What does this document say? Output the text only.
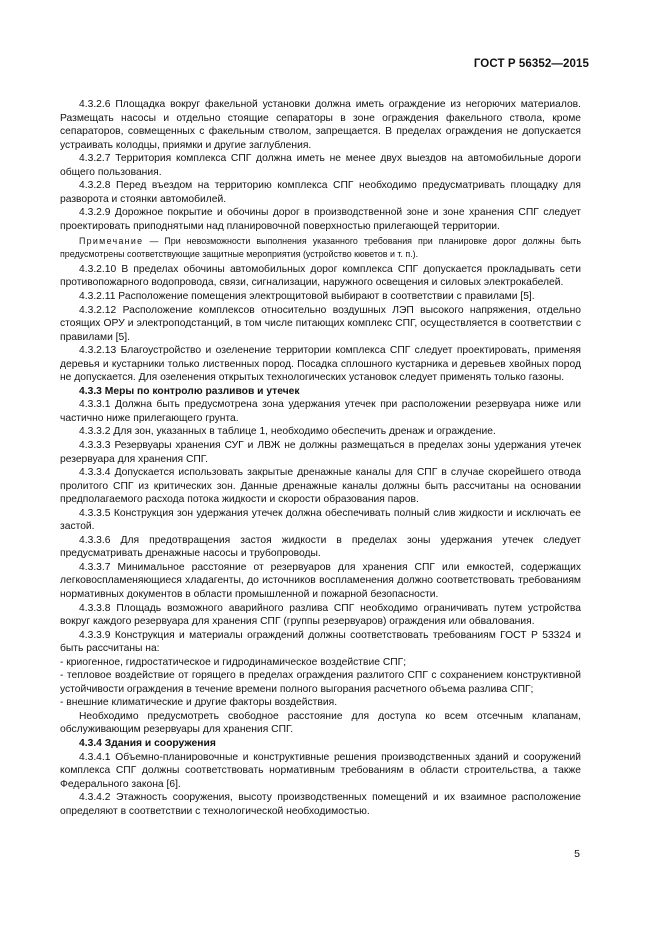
ГОСТ Р 56352—2015

4.3.2.6 Площадка вокруг факельной установки должна иметь ограждение из негорючих материалов. Размещать насосы и отдельно стоящие сепараторы в зоне ограждения факельного ствола, кроме сепараторов, совмещенных с факельным стволом, запрещается. В пределах ограждения не допускается устраивать колодцы, приямки и другие заглубления.

4.3.2.7 Территория комплекса СПГ должна иметь не менее двух выездов на автомобильные дороги общего пользования.

4.3.2.8 Перед въездом на территорию комплекса СПГ необходимо предусматривать площадку для разворота и стоянки автомобилей.

4.3.2.9 Дорожное покрытие и обочины дорог в производственной зоне и зоне хранения СПГ следует проектировать приподнятыми над планировочной поверхностью прилегающей территории.

Примечание — При невозможности выполнения указанного требования при планировке дорог должны быть предусмотрены соответствующие защитные мероприятия (устройство кюветов и т. п.).

4.3.2.10 В пределах обочины автомобильных дорог комплекса СПГ допускается прокладывать сети противопожарного водопровода, связи, сигнализации, наружного освещения и силовых электрокабелей.

4.3.2.11 Расположение помещения электрощитовой выбирают в соответствии с правилами [5].

4.3.2.12 Расположение комплексов относительно воздушных ЛЭП высокого напряжения, отдельно стоящих ОРУ и электроподстанций, в том числе питающих комплекс СПГ, осуществляется в соответствии с правилами [5].

4.3.2.13 Благоустройство и озеленение территории комплекса СПГ следует проектировать, применяя деревья и кустарники только лиственных пород. Посадка сплошного кустарника и деревьев хвойных пород не допускается. Для озеленения открытых технологических установок следует применять только газоны.

4.3.3 Меры по контролю разливов и утечек

4.3.3.1 Должна быть предусмотрена зона удержания утечек при расположении резервуара ниже или частично ниже прилегающего грунта.

4.3.3.2 Для зон, указанных в таблице 1, необходимо обеспечить дренаж и ограждение.

4.3.3.3 Резервуары хранения СУГ и ЛВЖ не должны размещаться в пределах зоны удержания утечек резервуара для хранения СПГ.

4.3.3.4 Допускается использовать закрытые дренажные каналы для СПГ в случае скорейшего отвода пролитого СПГ из критических зон. Данные дренажные каналы должны быть рассчитаны на основании предполагаемого расхода потока жидкости и скорости образования паров.

4.3.3.5 Конструкция зон удержания утечек должна обеспечивать полный слив жидкости и исключать ее застой.

4.3.3.6 Для предотвращения застоя жидкости в пределах зоны удержания утечек следует предусматривать дренажные насосы и трубопроводы.

4.3.3.7 Минимальное расстояние от резервуаров для хранения СПГ или емкостей, содержащих легковоспламеняющиеся хладагенты, до источников воспламенения должно соответствовать требованиям нормативных документов в области промышленной и пожарной безопасности.

4.3.3.8 Площадь возможного аварийного разлива СПГ необходимо ограничивать путем устройства вокруг каждого резервуара для хранения СПГ (группы резервуаров) ограждения или обвалования.

4.3.3.9 Конструкция и материалы ограждений должны соответствовать требованиям ГОСТ Р 53324 и быть рассчитаны на:

- криогенное, гидростатическое и гидродинамическое воздействие СПГ;

- тепловое воздействие от горящего в пределах ограждения разлитого СПГ с сохранением конструктивной устойчивости ограждения в течение времени полного выгорания расчетного объема разлива СПГ;

- внешние климатические и другие факторы воздействия.

Необходимо предусмотреть свободное расстояние для доступа ко всем отсечным клапанам, обслуживающим резервуары для хранения СПГ.

4.3.4 Здания и сооружения

4.3.4.1 Объемно-планировочные и конструктивные решения производственных зданий и сооружений комплекса СПГ должны соответствовать нормативным требованиям в области строительства, а также Федерального закона [6].

4.3.4.2 Этажность сооружения, высоту производственных помещений и их взаимное расположение определяют в соответствии с технологической необходимостью.

5
